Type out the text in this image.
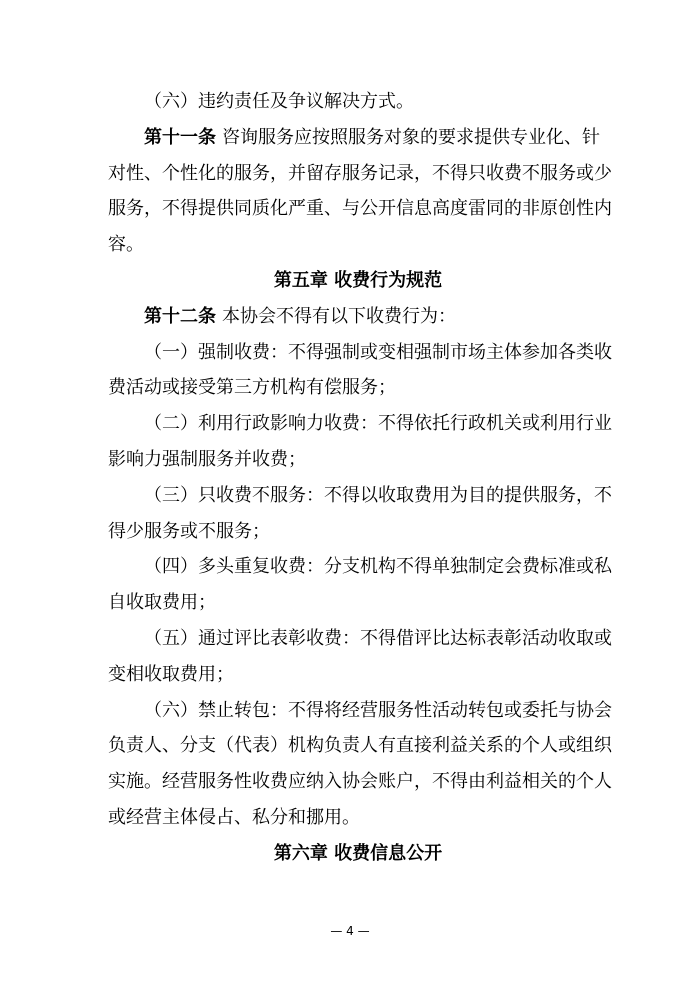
（六）违约责任及争议解决方式。
第十一条 咨询服务应按照服务对象的要求提供专业化、针
对性、个性化的服务，并留存服务记录，不得只收费不服务或少
服务，不得提供同质化严重、与公开信息高度雷同的非原创性内
容。
第五章 收费行为规范
第十二条 本协会不得有以下收费行为：
（一）强制收费：不得强制或变相强制市场主体参加各类收
费活动或接受第三方机构有偿服务；
（二）利用行政影响力收费：不得依托行政机关或利用行业
影响力强制服务并收费；
（三）只收费不服务：不得以收取费用为目的提供服务，不
得少服务或不服务；
（四）多头重复收费：分支机构不得单独制定会费标准或私
自收取费用；
（五）通过评比表彰收费：不得借评比达标表彰活动收取或
变相收取费用；
（六）禁止转包：不得将经营服务性活动转包或委托与协会
负责人、分支（代表）机构负责人有直接利益关系的个人或组织
实施。经营服务性收费应纳入协会账户，不得由利益相关的个人
或经营主体侵占、私分和挪用。
第六章 收费信息公开
— 4 —
